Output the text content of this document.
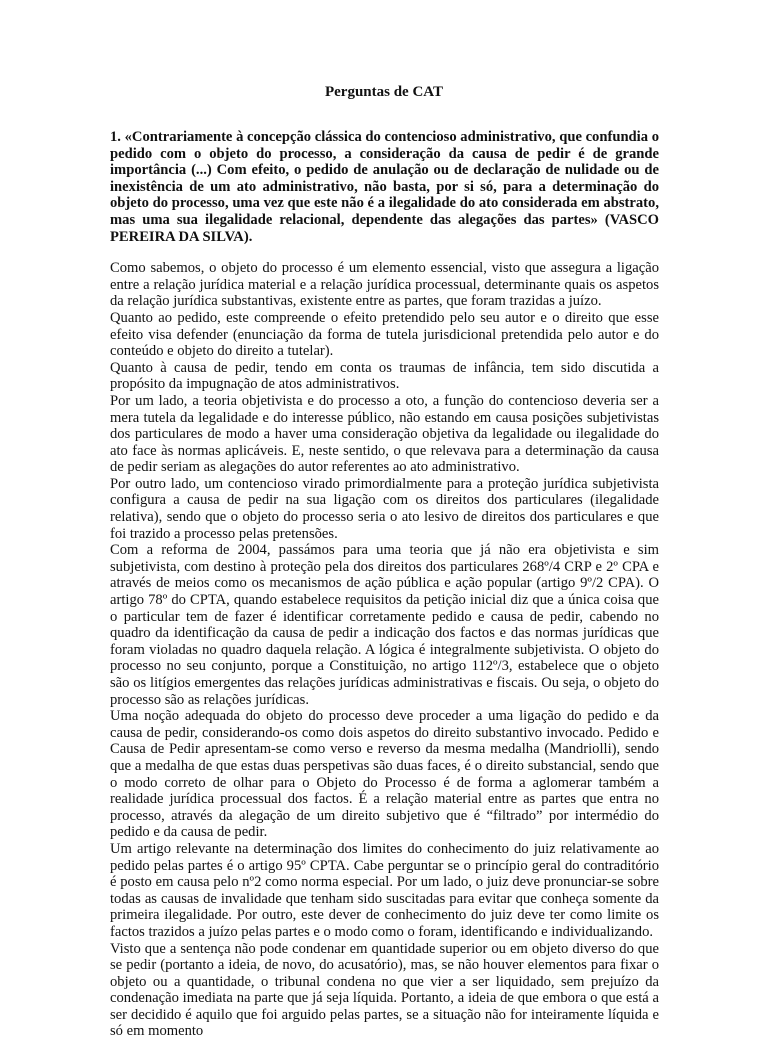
Perguntas de CAT

1. «Contrariamente à concepção clássica do contencioso administrativo, que confundia o pedido com o objeto do processo, a consideração da causa de pedir é de grande importância (...) Com efeito, o pedido de anulação ou de declaração de nulidade ou de inexistência de um ato administrativo, não basta, por si só, para a determinação do objeto do processo, uma vez que este não é a ilegalidade do ato considerada em abstrato, mas uma sua ilegalidade relacional, dependente das alegações das partes» (VASCO PEREIRA DA SILVA).

Como sabemos, o objeto do processo é um elemento essencial, visto que assegura a ligação entre a relação jurídica material e a relação jurídica processual, determinante quais os aspetos da relação jurídica substantivas, existente entre as partes, que foram trazidas a juízo.

Quanto ao pedido, este compreende o efeito pretendido pelo seu autor e o direito que esse efeito visa defender (enunciação da forma de tutela jurisdicional pretendida pelo autor e do conteúdo e objeto do direito a tutelar).

Quanto à causa de pedir, tendo em conta os traumas de infância, tem sido discutida a propósito da impugnação de atos administrativos.

Por um lado, a teoria objetivista e do processo a oto, a função do contencioso deveria ser a mera tutela da legalidade e do interesse público, não estando em causa posições subjetivistas dos particulares de modo a haver uma consideração objetiva da legalidade ou ilegalidade do ato face às normas aplicáveis. E, neste sentido, o que relevava para a determinação da causa de pedir seriam as alegações do autor referentes ao ato administrativo.

Por outro lado, um contencioso virado primordialmente para a proteção jurídica subjetivista configura a causa de pedir na sua ligação com os direitos dos particulares (ilegalidade relativa), sendo que o objeto do processo seria o ato lesivo de direitos dos particulares e que foi trazido a processo pelas pretensões.

Com a reforma de 2004, passámos para uma teoria que já não era objetivista e sim subjetivista, com destino à proteção pela dos direitos dos particulares 268º/4 CRP e 2º CPA e através de meios como os mecanismos de ação pública e ação popular (artigo 9º/2 CPA). O artigo 78º do CPTA, quando estabelece requisitos da petição inicial diz que a única coisa que o particular tem de fazer é identificar corretamente pedido e causa de pedir, cabendo no quadro da identificação da causa de pedir a indicação dos factos e das normas jurídicas que foram violadas no quadro daquela relação. A lógica é integralmente subjetivista. O objeto do processo no seu conjunto, porque a Constituição, no artigo 112º/3, estabelece que o objeto são os litígios emergentes das relações jurídicas administrativas e fiscais. Ou seja, o objeto do processo são as relações jurídicas.

Uma noção adequada do objeto do processo deve proceder a uma ligação do pedido e da causa de pedir, considerando-os como dois aspetos do direito substantivo invocado. Pedido e Causa de Pedir apresentam-se como verso e reverso da mesma medalha (Mandriolli), sendo que a medalha de que estas duas perspetivas são duas faces, é o direito substancial, sendo que o modo correto de olhar para o Objeto do Processo é de forma a aglomerar também a realidade jurídica processual dos factos. É a relação material entre as partes que entra no processo, através da alegação de um direito subjetivo que é “filtrado” por intermédio do pedido e da causa de pedir.

Um artigo relevante na determinação dos limites do conhecimento do juiz relativamente ao pedido pelas partes é o artigo 95º CPTA. Cabe perguntar se o princípio geral do contraditório é posto em causa pelo nº2 como norma especial. Por um lado, o juiz deve pronunciar-se sobre todas as causas de invalidade que tenham sido suscitadas para evitar que conheça somente da primeira ilegalidade. Por outro, este dever de conhecimento do juiz deve ter como limite os factos trazidos a juízo pelas partes e o modo como o foram, identificando e individualizando.

Visto que a sentença não pode condenar em quantidade superior ou em objeto diverso do que se pedir (portanto a ideia, de novo, do acusatório), mas, se não houver elementos para fixar o objeto ou a quantidade, o tribunal condena no que vier a ser liquidado, sem prejuízo da condenação imediata na parte que já seja líquida. Portanto, a ideia de que embora o que está a ser decidido é aquilo que foi arguido pelas partes, se a situação não for inteiramente líquida e só em momento
